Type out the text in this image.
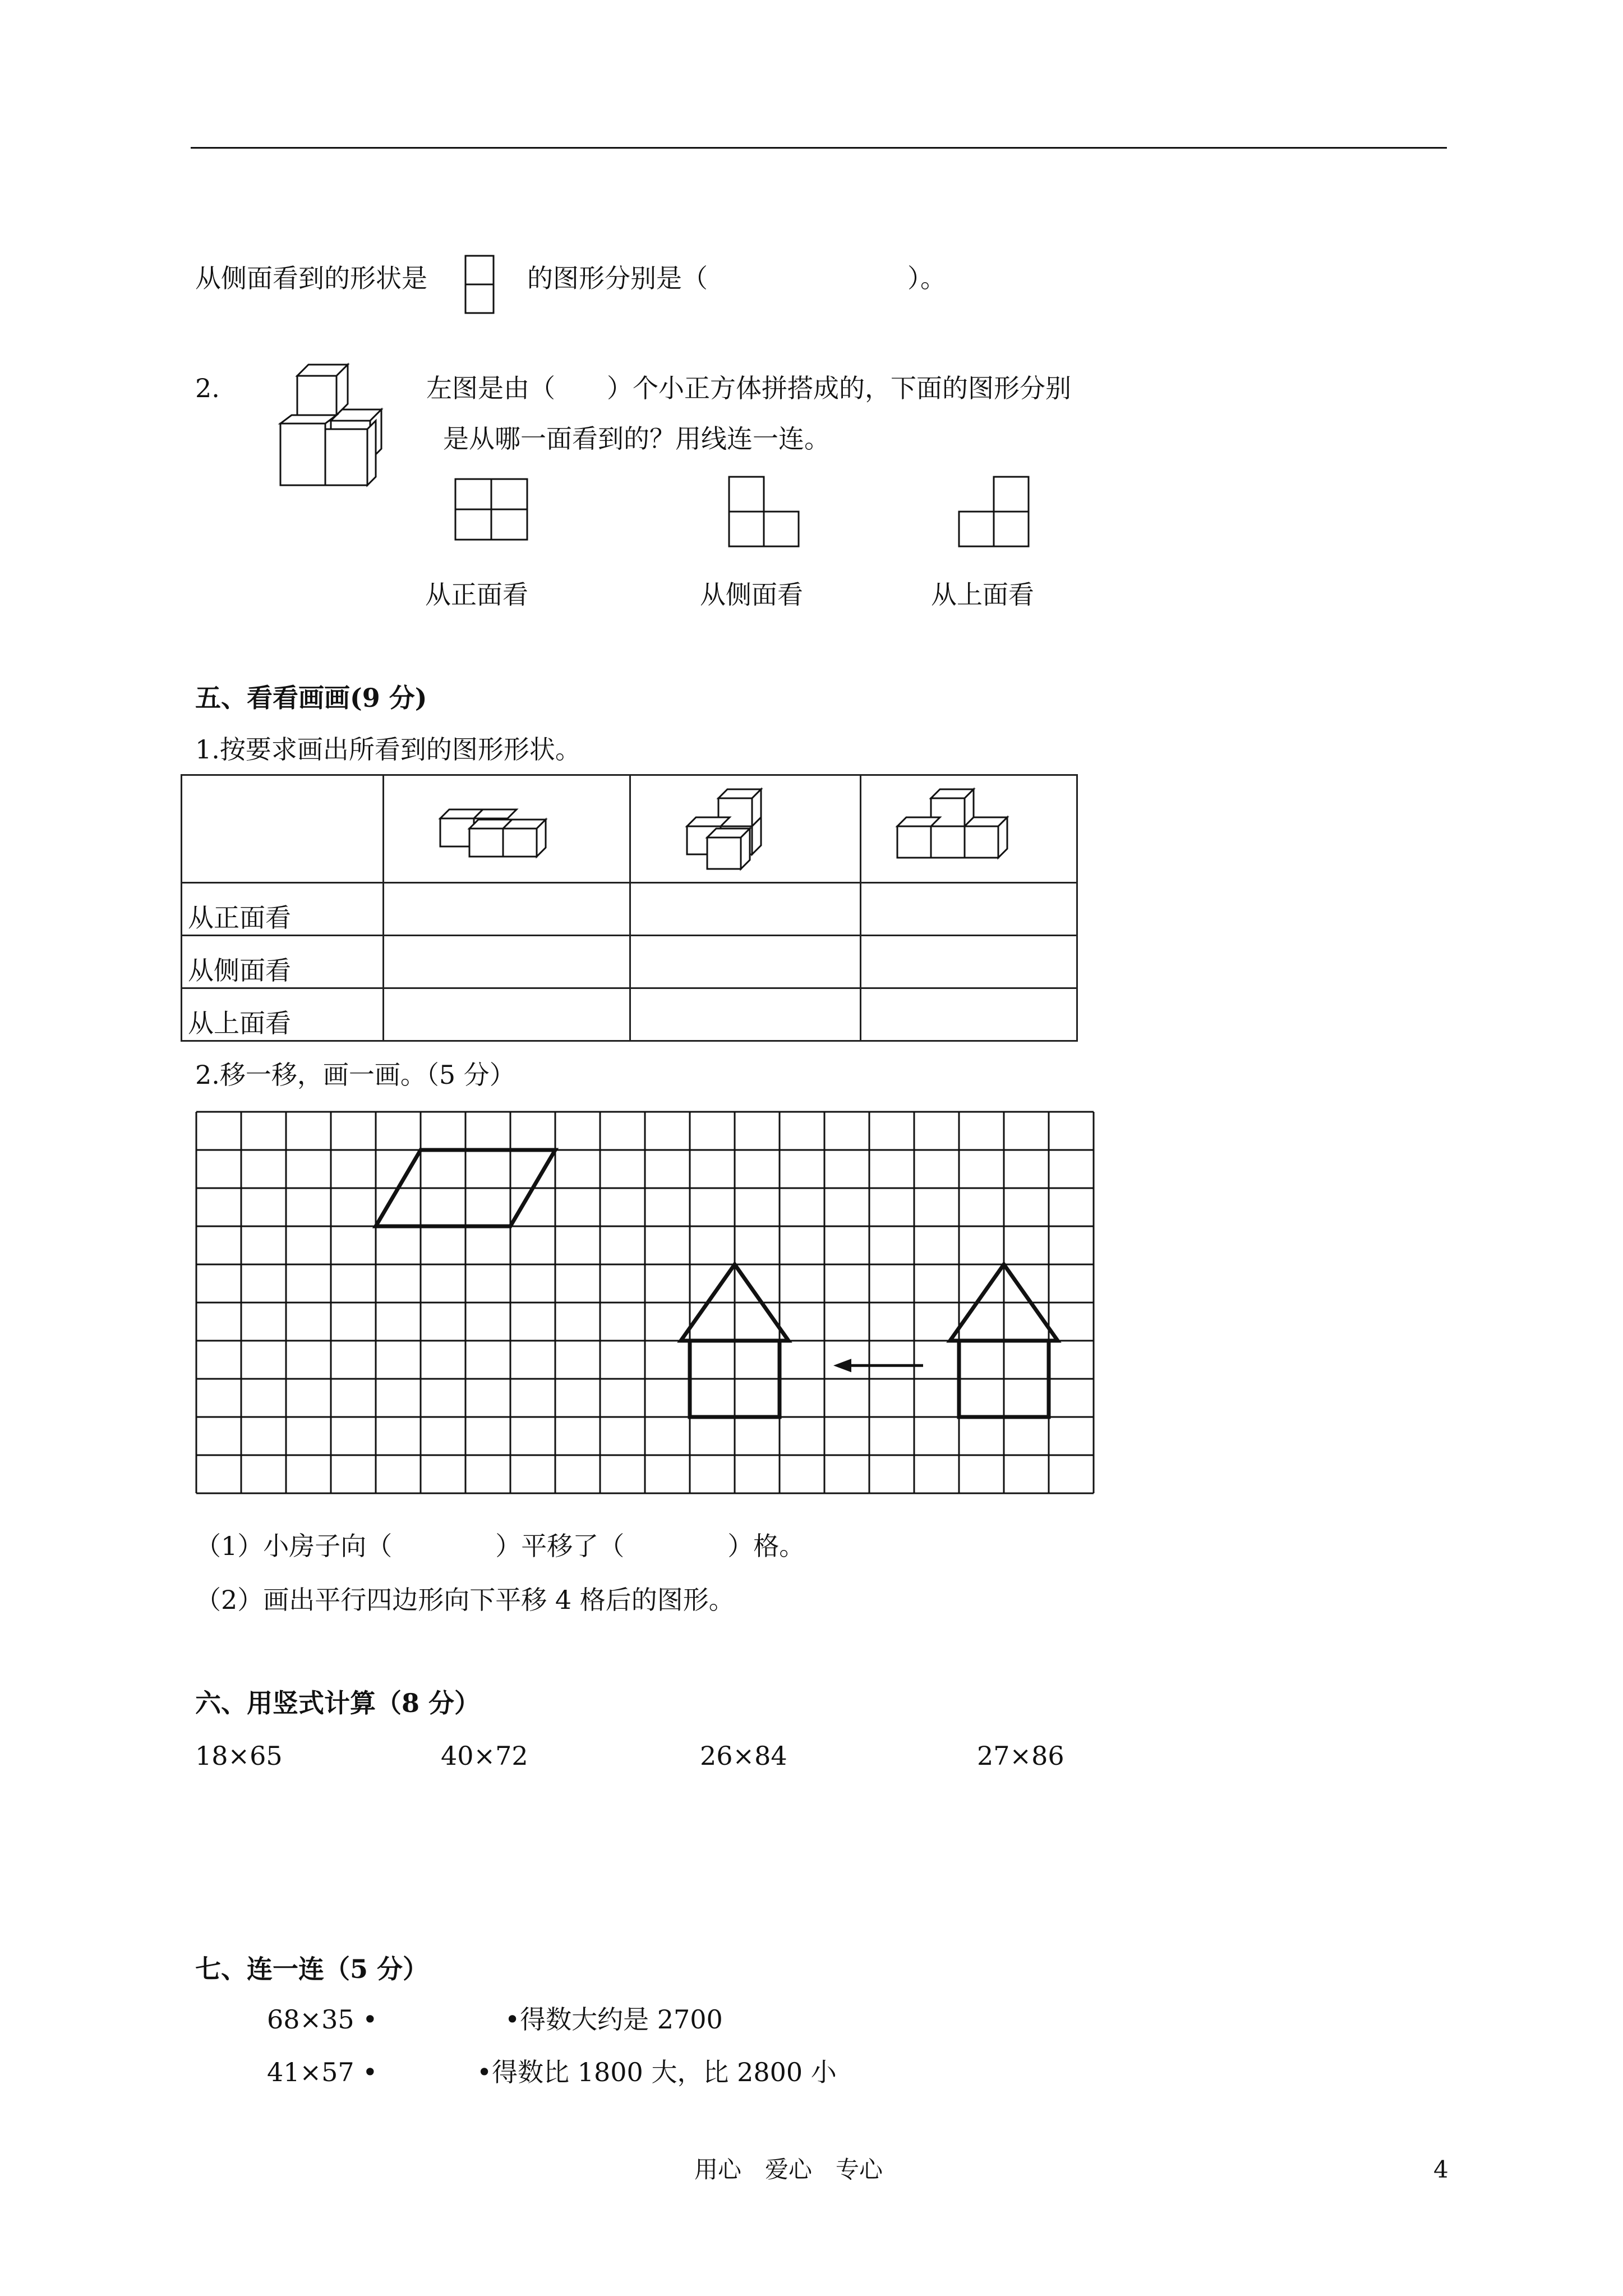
从侧面看到的形状是	的图形分别是（	）。
2.	左图是由（　　）个小正方体拼搭成的，下面的图形分别
是从哪一面看到的？用线连一连。
从正面看	从侧面看	从上面看
五、看看画画(9 分)
1.按要求画出所看到的图形形状。

从正面看			
从侧面看			
从上面看			
2.移一移，画一画。（5 分）
（1）小房子向（　　　　）平移了（　　　　）格。
（2）画出平行四边形向下平移 4 格后的图形。
六、用竖式计算（8 分）
18×65	40×72	26×84	27×86
七、连一连（5 分）
68×35 •	•得数大约是 2700
41×57 •	•得数比 1800 大，比 2800 小
用心　爱心　专心	4
